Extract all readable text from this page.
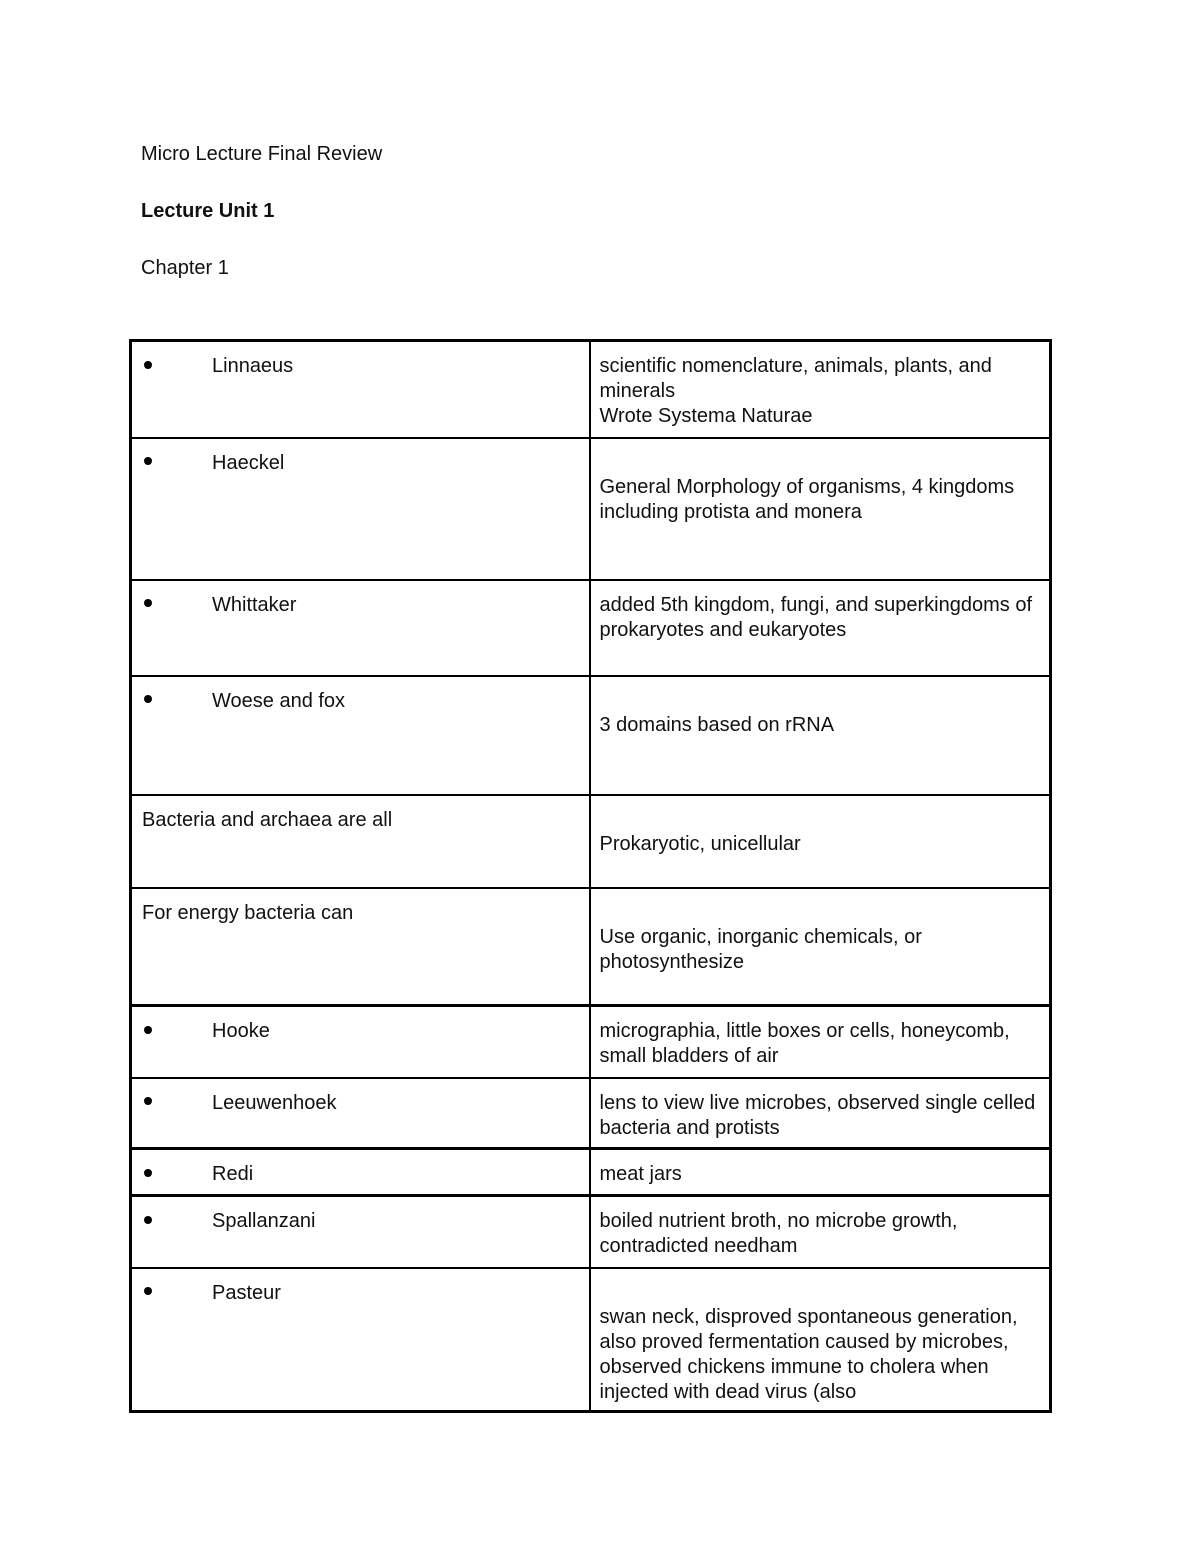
Micro Lecture Final Review
Lecture Unit 1
Chapter 1
Linnaeus	scientific nomenclature, animals, plants, and minerals
Wrote Systema Naturae

Haeckel	General Morphology of organisms, 4 kingdoms including protista and monera

Whittaker	added 5th kingdom, fungi, and superkingdoms of prokaryotes and eukaryotes

Woese and fox	3 domains based on rRNA

Bacteria and archaea are all	Prokaryotic, unicellular

For energy bacteria can	Use organic, inorganic chemicals, or photosynthesize

Hooke	micrographia, little boxes or cells, honeycomb, small bladders of air

Leeuwenhoek	lens to view live microbes, observed single celled bacteria and protists

Redi	meat jars

Spallanzani	boiled nutrient broth, no microbe growth, contradicted needham

Pasteur	swan neck, disproved spontaneous generation, also proved fermentation caused by microbes, observed chickens immune to cholera when injected with dead virus (also
